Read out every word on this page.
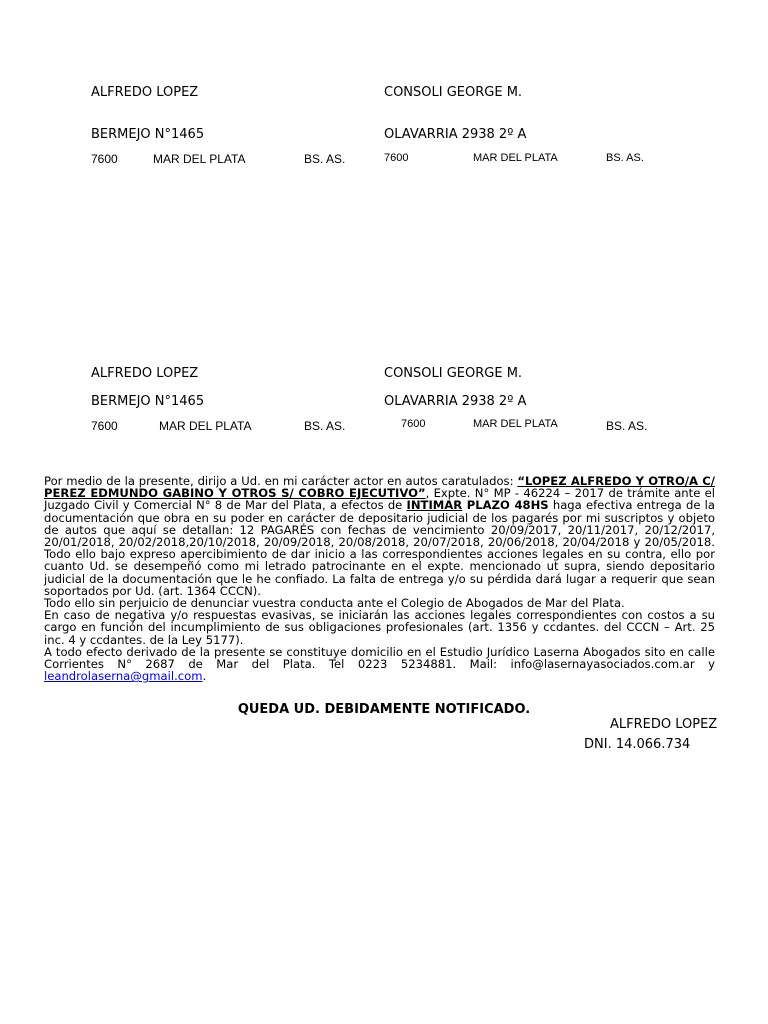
ALFREDO LOPEZ	CONSOLI GEORGE M.
BERMEJO N°1465	OLAVARRIA 2938 2º A
7600	MAR DEL PLATA	BS. AS.	7600	MAR DEL PLATA	BS. AS.
ALFREDO LOPEZ	CONSOLI GEORGE M.
BERMEJO N°1465	OLAVARRIA 2938 2º A
7600	MAR DEL PLATA	BS. AS.	7600	MAR DEL PLATA	BS. AS.

Por medio de la presente, dirijo a Ud. en mi carácter actor en autos caratulados: “LOPEZ ALFREDO Y OTRO/A C/ PEREZ EDMUNDO GABINO Y OTROS S/ COBRO EJECUTIVO”, Expte. N° MP - 46224 – 2017 de trámite ante el Juzgado Civil y Comercial N° 8 de Mar del Plata, a efectos de INTIMAR PLAZO 48HS haga efectiva entrega de la documentación que obra en su poder en carácter de depositario judicial de los pagarés por mi suscriptos y objeto de autos que aquí se detallan: 12 PAGARÉS con fechas de vencimiento 20/09/2017, 20/11/2017, 20/12/2017, 20/01/2018, 20/02/2018,20/10/2018, 20/09/2018, 20/08/2018, 20/07/2018, 20/06/2018, 20/04/2018 y 20/05/2018. Todo ello bajo expreso apercibimiento de dar inicio a las correspondientes acciones legales en su contra, ello por cuanto Ud. se desempeñó como mi letrado patrocinante en el expte. mencionado ut supra, siendo depositario judicial de la documentación que le he confiado. La falta de entrega y/o su pérdida dará lugar a requerir que sean soportados por Ud. (art. 1364 CCCN).

Todo ello sin perjuicio de denunciar vuestra conducta ante el Colegio de Abogados de Mar del Plata.

En caso de negativa y/o respuestas evasivas, se iniciarán las acciones legales correspondientes con costos a su cargo en función del incumplimiento de sus obligaciones profesionales (art. 1356 y ccdantes. del CCCN – Art. 25 inc. 4 y ccdantes. de la Ley 5177).

A todo efecto derivado de la presente se constituye domicilio en el Estudio Jurídico Laserna Abogados sito en calle Corrientes N° 2687 de Mar del Plata. Tel 0223 5234881. Mail: info@lasernayasociados.com.ar y leandrolaserna@gmail.com.

QUEDA UD. DEBIDAMENTE NOTIFICADO.
ALFREDO LOPEZ
DNI. 14.066.734
